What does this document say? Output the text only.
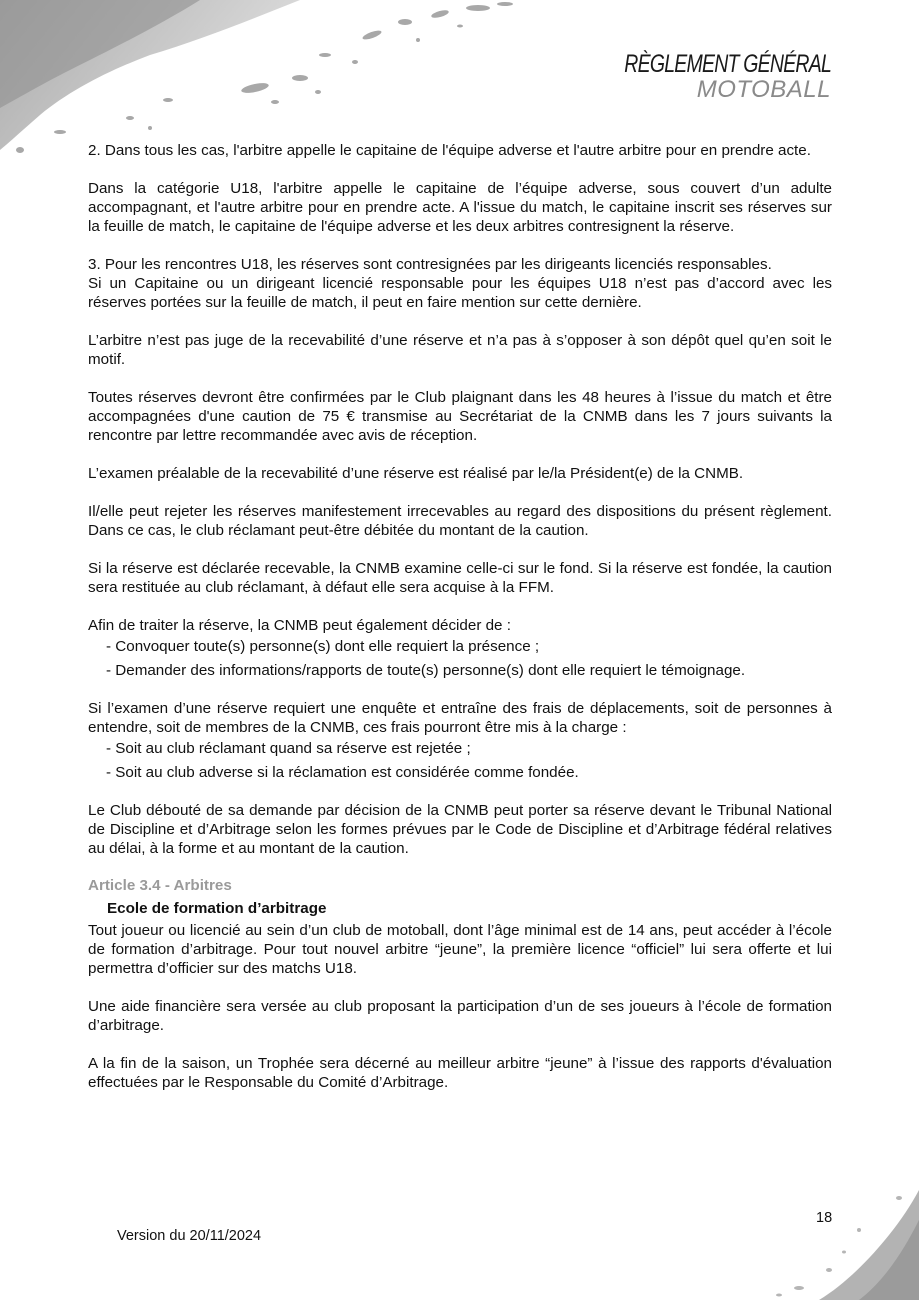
RÈGLEMENT GÉNÉRAL
MOTOBALL

2. Dans tous les cas, l'arbitre appelle le capitaine de l'équipe adverse et l'autre arbitre pour en prendre acte.

Dans la catégorie U18, l'arbitre appelle le capitaine de l’équipe adverse, sous couvert d’un adulte accompagnant, et l'autre arbitre pour en prendre acte. A l'issue du match, le capitaine inscrit ses réserves sur la feuille de match, le capitaine de l'équipe adverse et les deux arbitres contresignent la réserve.

3. Pour les rencontres U18, les réserves sont contresignées par les dirigeants licenciés responsables.

Si un Capitaine ou un dirigeant licencié responsable pour les équipes U18 n’est pas d’accord avec les réserves portées sur la feuille de match, il peut en faire mention sur cette dernière.

L’arbitre n’est pas juge de la recevabilité d’une réserve et n’a pas à s’opposer à son dépôt quel qu’en soit le motif.

Toutes réserves devront être confirmées par le Club plaignant dans les 48 heures à l’issue du match et être accompagnées d'une caution de 75 € transmise au Secrétariat de la CNMB dans les 7 jours suivants la rencontre par lettre recommandée avec avis de réception.

L’examen préalable de la recevabilité d’une réserve est réalisé par le/la Président(e) de la CNMB.

Il/elle peut rejeter les réserves manifestement irrecevables au regard des dispositions du présent règlement. Dans ce cas, le club réclamant peut-être débitée du montant de la caution.

Si la réserve est déclarée recevable, la CNMB examine celle-ci sur le fond. Si la réserve est fondée, la caution sera restituée au club réclamant, à défaut elle sera acquise à la FFM.

Afin de traiter la réserve, la CNMB peut également décider de :

- Convoquer toute(s) personne(s) dont elle requiert la présence ;
- Demander des informations/rapports de toute(s) personne(s) dont elle requiert le témoignage.

Si l’examen d’une réserve requiert une enquête et entraîne des frais de déplacements, soit de personnes à entendre, soit de membres de la CNMB, ces frais pourront être mis à la charge :

- Soit au club réclamant quand sa réserve est rejetée ;
- Soit au club adverse si la réclamation est considérée comme fondée.

Le Club débouté de sa demande par décision de la CNMB peut porter sa réserve devant le Tribunal National de Discipline et d’Arbitrage selon les formes prévues par le Code de Discipline et d’Arbitrage fédéral relatives au délai, à la forme et au montant de la caution.

Article 3.4 - Arbitres
Ecole de formation d’arbitrage

Tout joueur ou licencié au sein d’un club de motoball, dont l’âge minimal est de 14 ans, peut accéder à l’école de formation d’arbitrage. Pour tout nouvel arbitre “jeune”, la première licence “officiel” lui sera offerte et lui permettra d’officier sur des matchs U18.

Une aide financière sera versée au club proposant la participation d’un de ses joueurs à l’école de formation d’arbitrage.

A la fin de la saison, un Trophée sera décerné au meilleur arbitre “jeune” à l’issue des rapports d'évaluation effectuées par le Responsable du Comité d’Arbitrage.

18
Version du 20/11/2024
